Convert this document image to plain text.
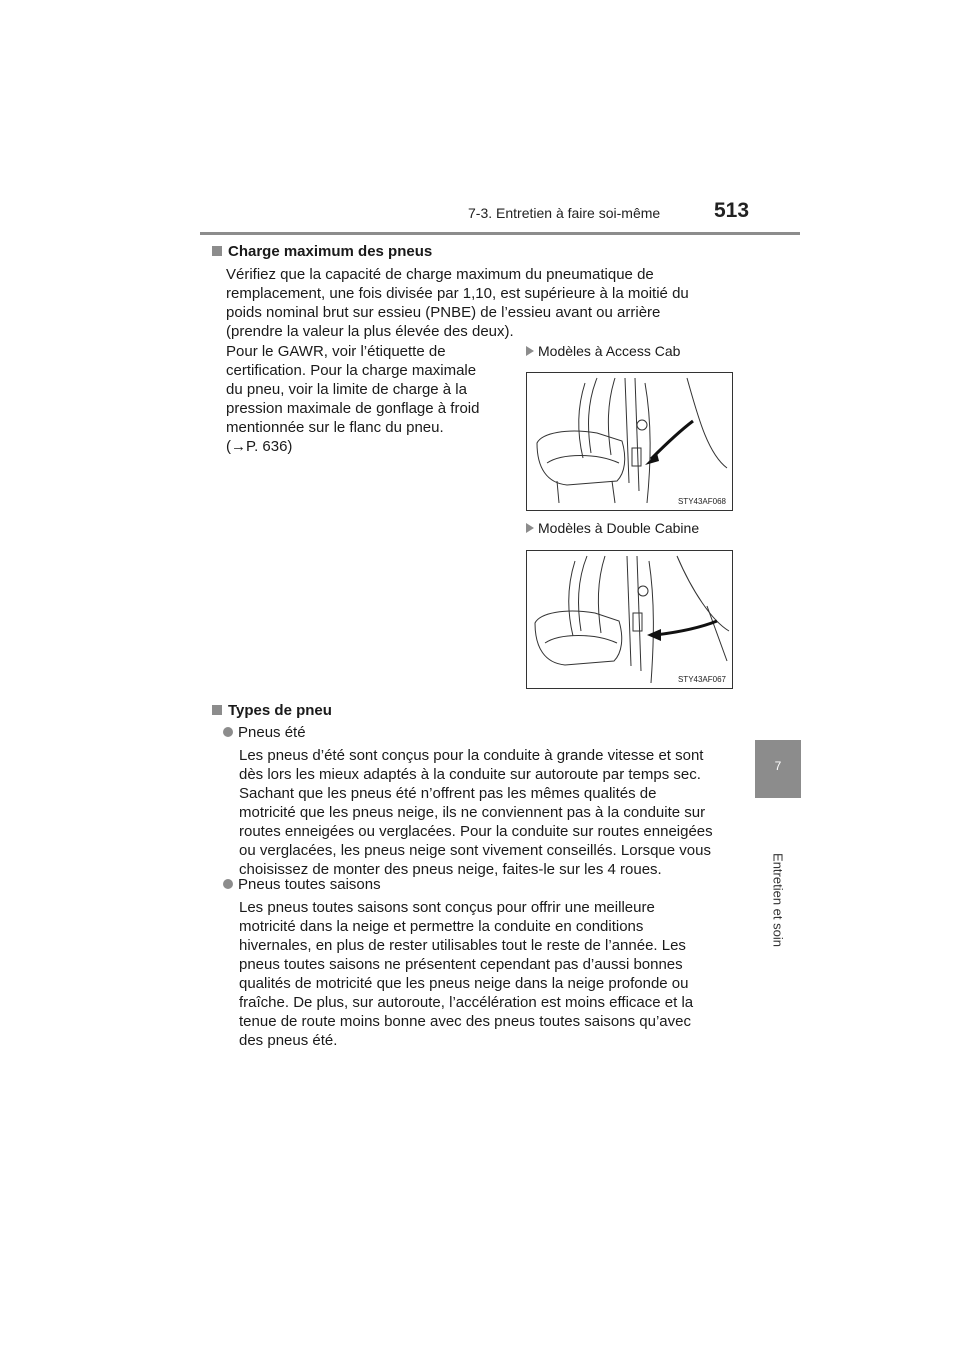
7-3. Entretien à faire soi-même	513
7
Entretien et soin
Charge maximum des pneus
Vérifiez que la capacité de charge maximum du pneumatique de
remplacement, une fois divisée par 1,10, est supérieure à la moitié du
poids nominal brut sur essieu (PNBE) de l’essieu avant ou arrière
(prendre la valeur la plus élevée des deux).
Pour le GAWR, voir l’étiquette de
certification. Pour la charge maximale
du pneu, voir la limite de charge à la
pression maximale de gonflage à froid
mentionnée sur le flanc du pneu.
(→P. 636)
Modèles à Access Cab
STY43AF068
Modèles à Double Cabine
STY43AF067
Types de pneu
Pneus été
Les pneus d’été sont conçus pour la conduite à grande vitesse et sont
dès lors les mieux adaptés à la conduite sur autoroute par temps sec.
Sachant que les pneus été n’offrent pas les mêmes qualités de
motricité que les pneus neige, ils ne conviennent pas à la conduite sur
routes enneigées ou verglacées. Pour la conduite sur routes enneigées
ou verglacées, les pneus neige sont vivement conseillés. Lorsque vous
choisissez de monter des pneus neige, faites-le sur les 4 roues.
Pneus toutes saisons
Les pneus toutes saisons sont conçus pour offrir une meilleure
motricité dans la neige et permettre la conduite en conditions
hivernales, en plus de rester utilisables tout le reste de l’année. Les
pneus toutes saisons ne présentent cependant pas d’aussi bonnes
qualités de motricité que les pneus neige dans la neige profonde ou
fraîche. De plus, sur autoroute, l’accélération est moins efficace et la
tenue de route moins bonne avec des pneus toutes saisons qu’avec
des pneus été.
